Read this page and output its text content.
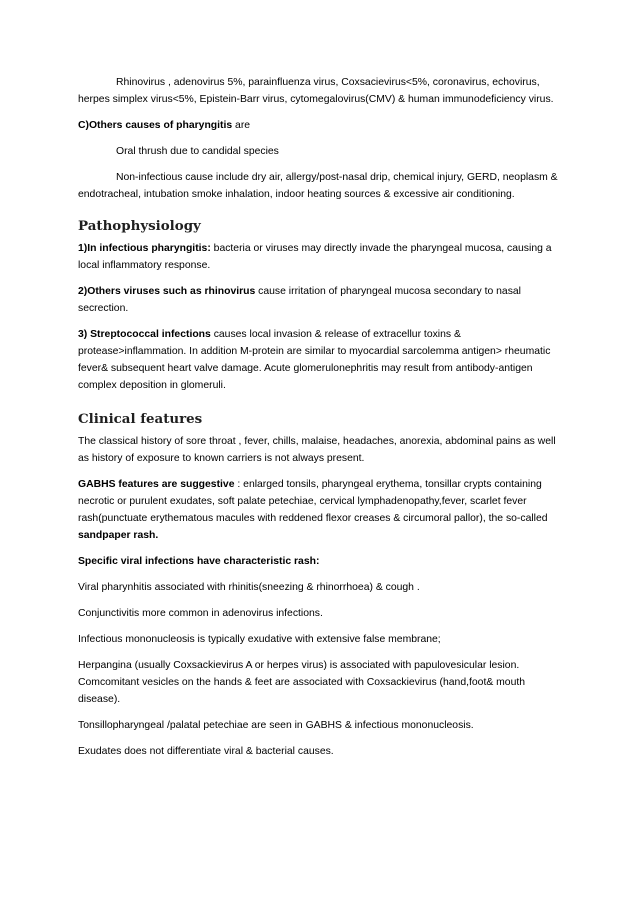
Rhinovirus , adenovirus 5%, parainfluenza virus, Coxsacievirus<5%, coronavirus, echovirus, herpes simplex virus<5%, Epistein-Barr virus, cytomegalovirus(CMV) & human immunodeficiency virus.

C)Others causes of pharyngitis are

Oral thrush due to candidal species

Non-infectious cause include dry air, allergy/post-nasal drip, chemical injury, GERD, neoplasm & endotracheal, intubation smoke inhalation, indoor heating sources & excessive air conditioning.

Pathophysiology

1)In infectious pharyngitis: bacteria or viruses may directly invade the pharyngeal mucosa, causing a local inflammatory response.

2)Others viruses such as rhinovirus cause irritation of pharyngeal mucosa secondary to nasal secrection.

3) Streptococcal infections causes local invasion & release of extracellur toxins & protease>inflammation. In addition M-protein are similar to myocardial sarcolemma antigen> rheumatic fever& subsequent heart valve damage. Acute glomerulonephritis may result from antibody-antigen complex deposition in glomeruli.

Clinical features

The classical history of sore throat , fever, chills, malaise, headaches, anorexia, abdominal pains as well as history of exposure to known carriers is not always present.

GABHS features are suggestive : enlarged tonsils, pharyngeal erythema, tonsillar crypts containing necrotic or purulent exudates, soft palate petechiae, cervical lymphadenopathy,fever, scarlet fever rash(punctuate erythematous macules with reddened flexor creases & circumoral pallor), the so-called sandpaper rash.

Specific viral infections have characteristic rash:

Viral pharynhitis associated with rhinitis(sneezing & rhinorrhoea) & cough .

Conjunctivitis more common in adenovirus infections.

Infectious mononucleosis is typically exudative with extensive false membrane;

Herpangina (usually Coxsackievirus A or herpes virus) is associated with papulovesicular lesion. Comcomitant vesicles on the hands & feet are associated with Coxsackievirus (hand,foot& mouth disease).

Tonsillopharyngeal /palatal petechiae are seen in GABHS & infectious mononucleosis.

Exudates does not differentiate viral & bacterial causes.
